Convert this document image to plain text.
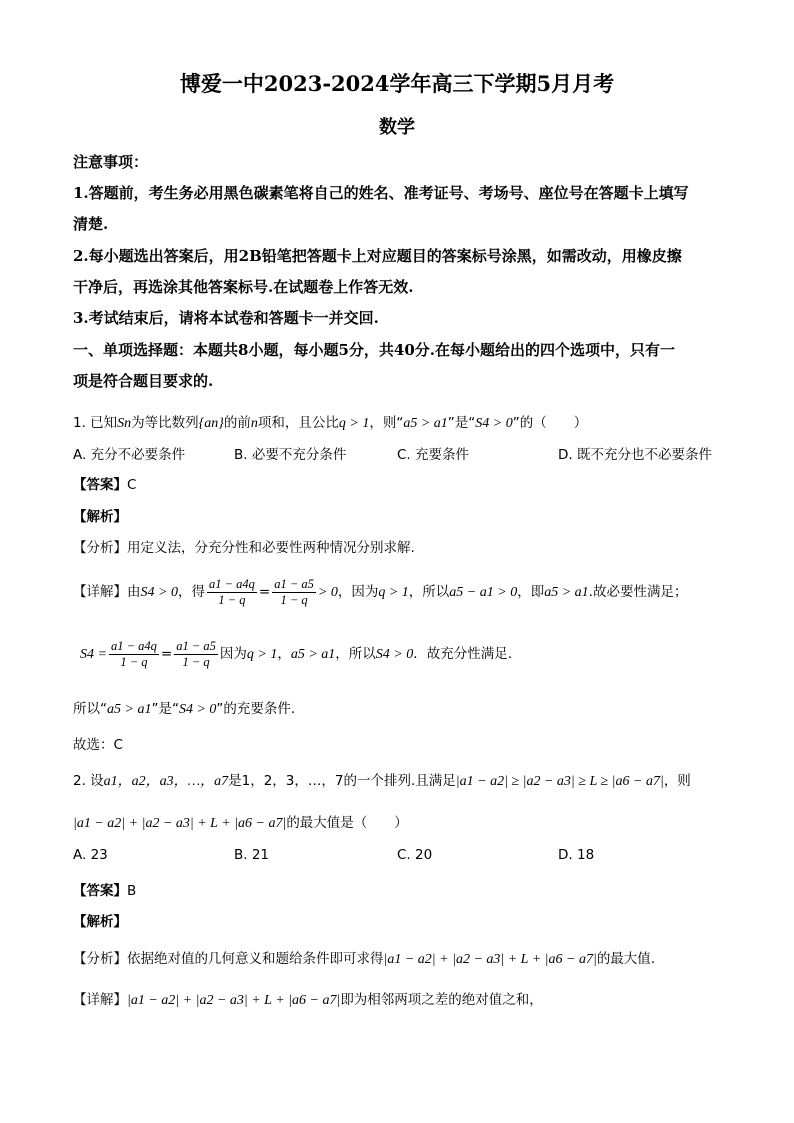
博爱一中2023-2024学年高三下学期5月月考
数学
注意事项：
1.答题前，考生务必用黑色碳素笔将自己的姓名、准考证号、考场号、座位号在答题卡上填写
清楚.
2.每小题选出答案后，用2B铅笔把答题卡上对应题目的答案标号涂黑，如需改动，用橡皮擦
干净后，再选涂其他答案标号.在试题卷上作答无效.
3.考试结束后，请将本试卷和答题卡一并交回.
一、单项选择题：本题共8小题，每小题5分，共40分.在每小题给出的四个选项中，只有一
项是符合题目要求的.
1. 已知Sn为等比数列{an}的前n项和，且公比q > 1，则“a5 > a1”是“S4 > 0”的（　　）
A. 充分不必要条件	B. 必要不充分条件	C. 充要条件	D. 既不充分也不必要条件
【答案】C
【解析】
【分析】用定义法，分充分性和必要性两种情况分别求解.
【详解】由S4 > 0，得 $\frac{a1 - a4q}{1 - q} = \frac{a1 - a5}{1 - q} > 0$，因为q > 1，所以a5 − a1 > 0，即a5 > a1.故必要性满足；
$S4 = \frac{a1 - a4q}{1 - q} = \frac{a1 - a5}{1 - q}$ 因为q > 1，a5 > a1，所以S4 > 0．故充分性满足.
所以“a5 > a1”是“S4 > 0”的充要条件.
故选：C
2. 设a1，a2，a3，…，a7是1，2，3，…，7的一个排列.且满足|a1 − a2| ≥ |a2 − a3| ≥ L ≥ |a6 − a7|，则
|a1 − a2| + |a2 − a3| + L + |a6 − a7|的最大值是（　　）
A. 23	B. 21	C. 20	D. 18
【答案】B
【解析】
【分析】依据绝对值的几何意义和题给条件即可求得|a1 − a2| + |a2 − a3| + L + |a6 − a7|的最大值.
【详解】|a1 − a2| + |a2 − a3| + L + |a6 − a7|即为相邻两项之差的绝对值之和，
